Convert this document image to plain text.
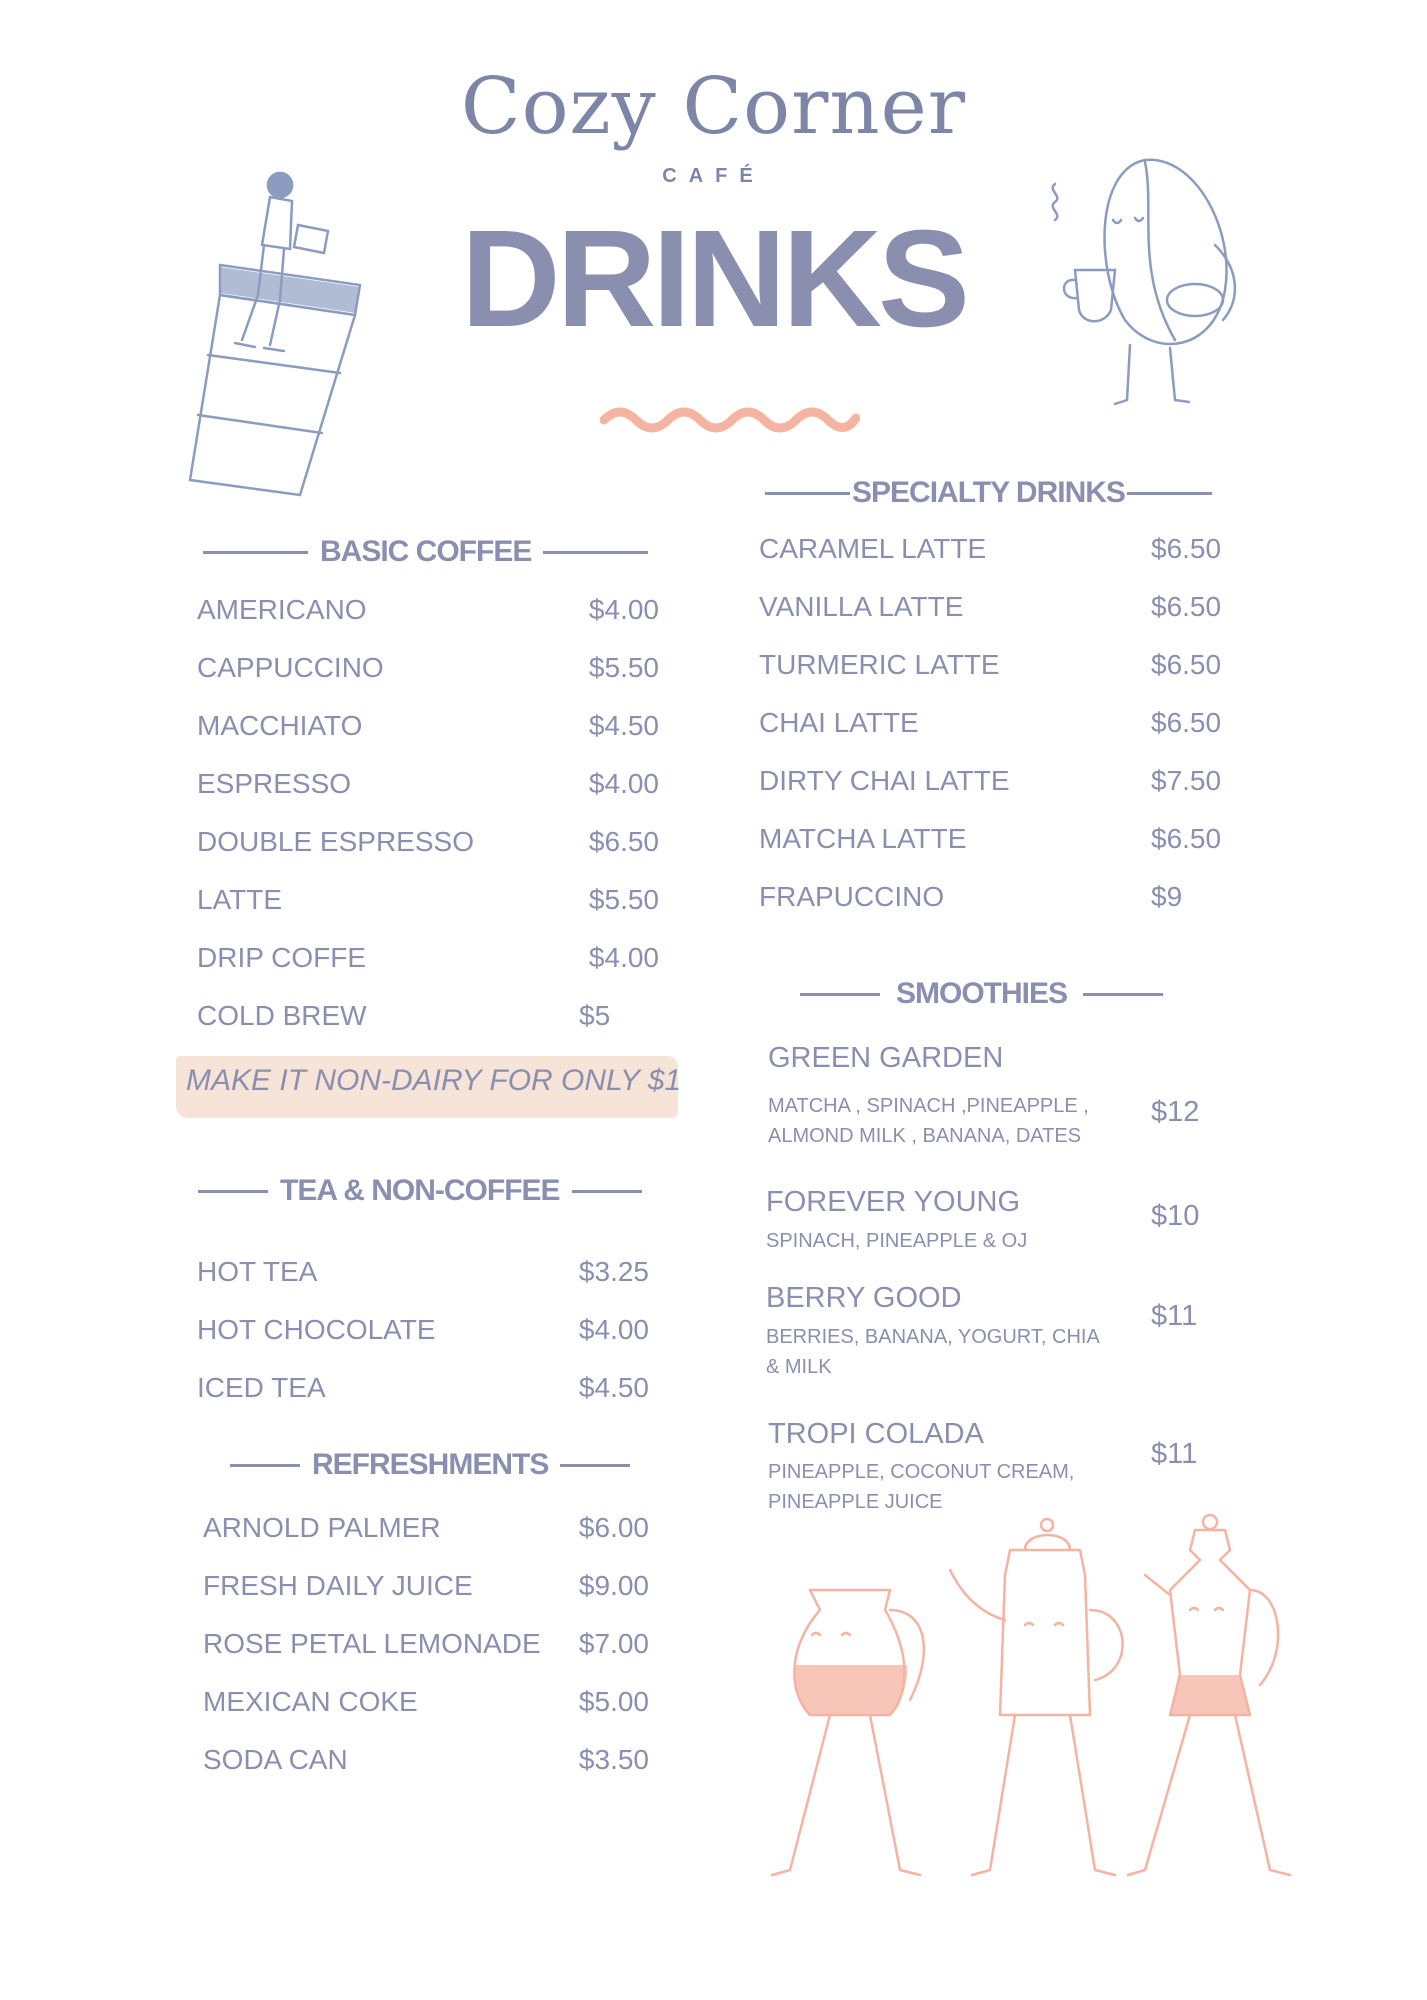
Cozy Corner
CAFÉ
DRINKS
BASIC COFFEE
AMERICANO	$4.00
CAPPUCCINO	$5.50
MACCHIATO	$4.50
ESPRESSO	$4.00
DOUBLE ESPRESSO	$6.50
LATTE	$5.50
DRIP COFFE	$4.00
COLD BREW	$5
MAKE IT NON-DAIRY FOR ONLY $1
TEA & NON-COFFEE
HOT TEA	$3.25
HOT CHOCOLATE	$4.00
ICED TEA	$4.50
REFRESHMENTS
ARNOLD PALMER	$6.00
FRESH DAILY JUICE	$9.00
ROSE PETAL LEMONADE $7.00
MEXICAN COKE	$5.00
SODA CAN	$3.50
SPECIALTY DRINKS
CARAMEL LATTE	$6.50
VANILLA LATTE	$6.50
TURMERIC LATTE	$6.50
CHAI LATTE	$6.50
DIRTY CHAI LATTE	$7.50
MATCHA LATTE	$6.50
FRAPUCCINO	$9
SMOOTHIES
GREEN GARDEN
MATCHA , SPINACH ,PINEAPPLE , ALMOND MILK , BANANA, DATES
$12
FOREVER YOUNG
SPINACH, PINEAPPLE & OJ
$10
BERRY GOOD
BERRIES, BANANA, YOGURT, CHIA & MILK
$11
TROPI COLADA
PINEAPPLE, COCONUT CREAM, PINEAPPLE JUICE
$11
